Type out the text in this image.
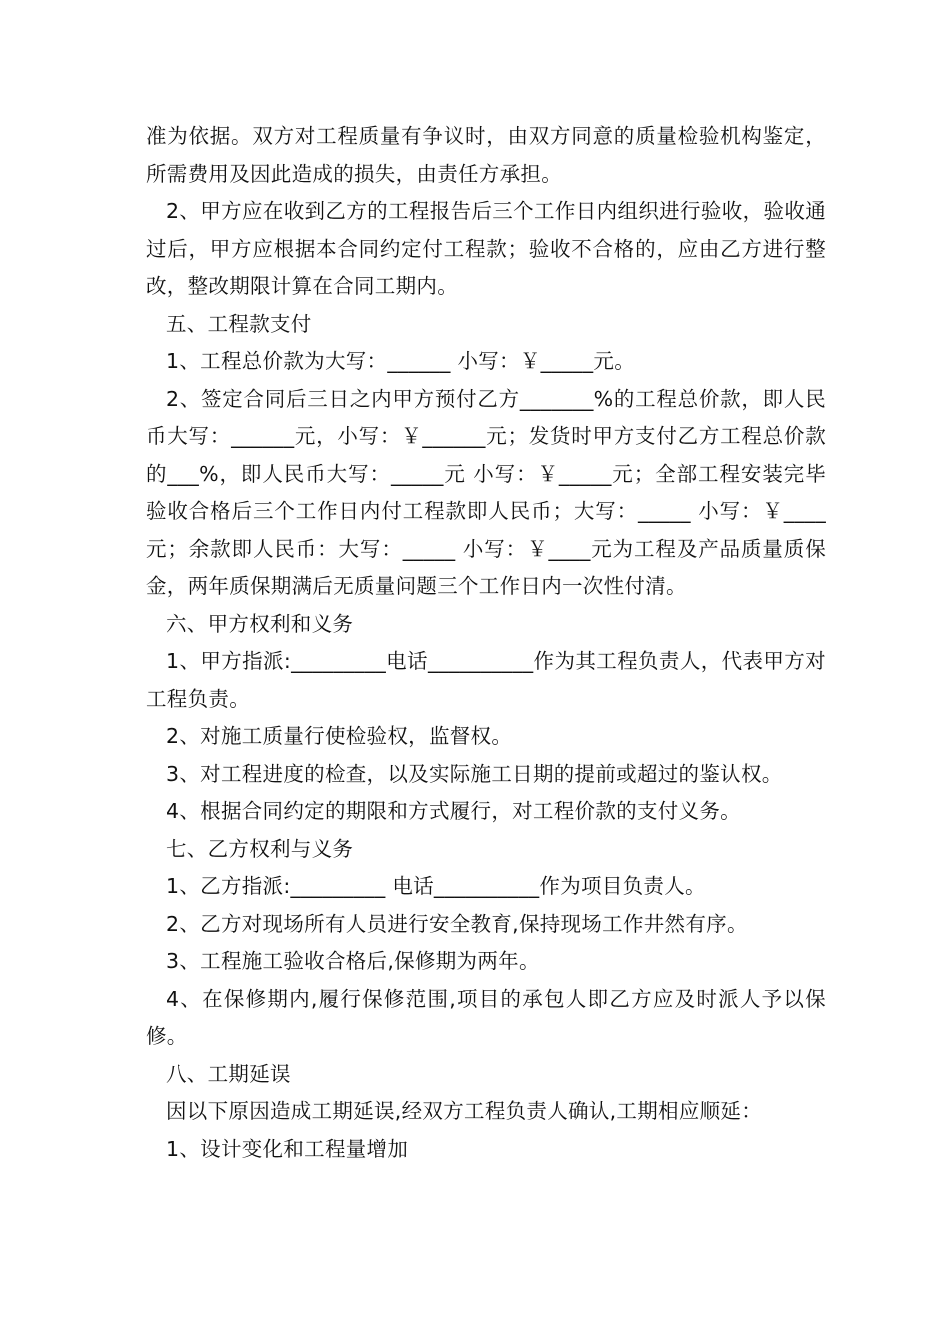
准为依据。双方对工程质量有争议时，由双方同意的质量检验机构鉴定，所需费用及因此造成的损失，由责任方承担。

2、甲方应在收到乙方的工程报告后三个工作日内组织进行验收，验收通过后，甲方应根据本合同约定付工程款；验收不合格的，应由乙方进行整改，整改期限计算在合同工期内。

五、工程款支付

1、工程总价款为大写：______ 小写：￥_____元。

2、签定合同后三日之内甲方预付乙方_______%的工程总价款，即人民币大写：______元，小写：￥______元；发货时甲方支付乙方工程总价款的___%，即人民币大写：_____元 小写：￥_____元；全部工程安装完毕验收合格后三个工作日内付工程款即人民币；大写：_____ 小写：￥____元；余款即人民币：大写：_____ 小写：￥____元为工程及产品质量质保金，两年质保期满后无质量问题三个工作日内一次性付清。

六、甲方权利和义务

1、甲方指派:_________电话__________作为其工程负责人，代表甲方对工程负责。

2、对施工质量行使检验权，监督权。

3、对工程进度的检查，以及实际施工日期的提前或超过的鉴认权。

4、根据合同约定的期限和方式履行，对工程价款的支付义务。

七、乙方权利与义务

1、乙方指派:_________ 电话__________作为项目负责人。

2、乙方对现场所有人员进行安全教育,保持现场工作井然有序。

3、工程施工验收合格后,保修期为两年。

4、在保修期内,履行保修范围,项目的承包人即乙方应及时派人予以保修。

八、工期延误

因以下原因造成工期延误,经双方工程负责人确认,工期相应顺延：

1、设计变化和工程量增加
